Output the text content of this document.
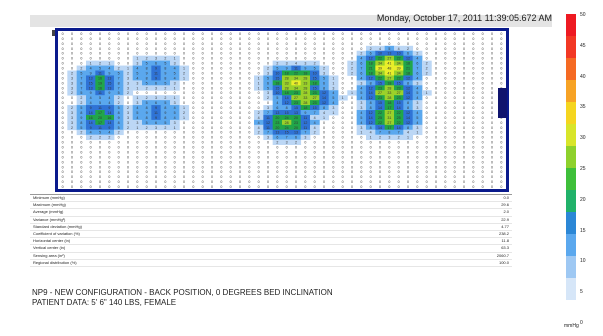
Monday, October 17, 2011 11:39:05.672 AM
0 0 0 0 0 0 0 0 0 0 0 0 0 0 0 0 0 0 0 0 0 0 0 0 0 0 0 0 0 0 0 0 0 0 0 0 0 0 0 0 0 0 0 0 0 0 0 0
0 0 0 0 0 0 0 0 0 0 0 0 0 0 0 0 0 0 0 0 0 0 0 0 0 0 0 0 0 0 0 0 0 0 0 0 0 0 0 0 0 0 0 0 0 0 0 0
0 0 0 0 0 0 0 0 0 0 0 0 0 0 0 0 0 0 0 0 0 0 0 0 0 0 0 0 0 0 0 0 0 0 0 0 0 0 0 0 0 0 0 0 0 0 0 0
0 0 0 0 0 0 0 0 0 0 0 0 0 0 0 0 0 0 0 0 0 0 0 0 0 0 0 0 0 0 0 0 0 2 4 5 4 2 0 0 0 0 0 0 0 0 0 0
0 0 0 0 0 0 0 0 0 0 0 0 0 0 0 0 0 0 0 0 0 0 0 0 0 0 0 0 0 0 0 0 2 6 10 13 10 6 2 0 0 0 0 0 0 0 0 0
0 0 0 0 0 0 0 0 1 2 3 2 1 0 0 0 0 0 0 0 0 0 0 0 0 0 0 0 0 0 0 0 4 12 22 27 22 12 4 0 0 0 0 0 0 0 0 0
0 0 0 1 2 1 0 0 3 5 6 5 3 0 0 0 0 0 0 0 0 0 0 2 3 4 3 2 0 0 0 2 6 18 34 41 34 18 6 2 0 0 0 0 0 0 0 0
0 0 2 4 5 4 2 1 4 8 9 8 4 1 0 0 0 0 0 0 0 0 2 5 9 11 9 5 2 0 0 2 7 21 39 48 39 21 7 2 0 0 0 0 0 0 0 0
0 2 5 9 11 9 5 2 5 9 11 9 5 2 0 0 0 0 0 0 0 0 3 10 18 22 18 10 3 0 0 2 6 18 34 41 34 18 6 2 0 0 0 0 0 0 0 0
0 3 7 13 16 13 7 3 4 8 9 8 4 1 0 0 0 0 0 0 0 1 5 15 28 34 28 15 5 1 0 0 4 12 22 27 22 12 4 0 0 0 0 0 0 0 0 0
0 3 8 15 19 15 8 3 3 5 6 5 3 0 0 0 0 0 0 0 0 1 6 18 33 40 33 18 6 1 0 0 3 8 15 18 15 8 3 0 0 0 0 0 0 0 0 0
0 3 7 13 16 13 7 3 1 2 3 2 1 0 0 0 0 0 0 0 0 1 5 15 28 34 28 15 8 3 0 0 4 12 23 28 23 12 4 0 0 0 0 0 0 0 0
0 2 5 9 11 9 5 2 0 0 0 0 0 0 0 0 0 0 0 0 0 0 3 10 18 23 28 23 12 4 0 1 5 14 27 33 27 14 5 1 0 0 0 0 0 0 0
0 0 2 4 5 4 2 0 1 2 3 2 1 0 0 0 0 0 0 0 0 0 2 5 14 27 33 27 14 5 1 0 4 12 23 28 23 12 4 0 0 0 0 0 0 0 0
0 0 2 4 5 4 2 0 3 5 6 5 3 0 0 0 0 0 0 0 0 0 0 4 12 23 28 23 12 4 0 0 3 8 15 18 15 8 3 0 0 0 0 0 0 0 0
0 2 5 9 11 9 5 2 4 8 9 8 4 1 0 0 0 0 0 0 0 0 3 6 8 15 18 15 8 3 0 0 3 8 14 17 14 8 3 0 0 0 0 0 0 0 0
0 3 8 14 17 14 8 3 5 9 11 9 5 2 0 0 0 0 0 0 0 2 7 13 15 13 9 7 4 1 0 0 4 12 22 27 22 12 4 0 0 0 0 0 0 0 0
0 3 9 16 20 16 9 3 4 8 9 8 4 1 0 0 0 0 0 0 0 4 11 20 24 20 11 4 1 0 0 0 5 14 25 31 25 14 5 0 0 0 0 0 0 0 0
0 3 8 14 17 14 8 3 3 5 6 5 3 0 0 0 0 0 0 0 0 4 12 23 28 23 12 4 0 0 0 0 4 12 22 27 22 12 4 0 0 0 0 0 0 0 0 0
0 2 5 9 11 9 5 2 1 2 3 2 1 0 0 0 0 0 0 0 0 4 11 20 24 20 11 4 0 0 0 0 3 8 14 17 14 8 3 0 0 0 0 0 0 0 0 0
0 0 2 4 5 4 2 0 0 0 0 0 0 0 0 0 0 0 0 0 0 2 7 13 15 13 7 2 0 0 0 0 1 4 7 8 7 4 1 0 0 0 0 0 0 0 0 0
0 0 0 2 2 2 0 0 0 0 0 0 0 0 0 0 0 0 0 0 0 0 3 6 7 6 3 0 0 0 0 0 0 1 2 3 2 1 0 0 0 0 0 0 0 0 0 0
0 0 0 0 0 0 0 0 0 0 0 0 0 0 0 0 0 0 0 0 0 0 0 2 3 2 0 0 0 0 0 0 0 0 0 0 0 0 0 0 0 0 0 0 0 0 0 0
0 0 0 0 0 0 0 0 0 0 0 0 0 0 0 0 0 0 0 0 0 0 0 0 0 0 0 0 0 0 0 0 0 0 0 0 0 0 0 0 0 0 0 0 0 0 0 0
0 0 0 0 0 0 0 0 0 0 0 0 0 0 0 0 0 0 0 0 0 0 0 0 0 0 0 0 0 0 0 0 0 0 0 0 0 0 0 0 0 0 0 0 0 0 0 0
0 0 0 0 0 0 0 0 0 0 0 0 0 0 0 0 0 0 0 0 0 0 0 0 0 0 0 0 0 0 0 0 0 0 0 0 0 0 0 0 0 0 0 0 0 0 0 0
0 0 0 0 0 0 0 0 0 0 0 0 0 0 0 0 0 0 0 0 0 0 0 0 0 0 0 0 0 0 0 0 0 0 0 0 0 0 0 0 0 0 0 0 0 0 0 0
0 0 0 0 0 0 0 0 0 0 0 0 0 0 0 0 0 0 0 0 0 0 0 0 0 0 0 0 0 0 0 0 0 0 0 0 0 0 0 0 0 0 0 0 0 0 0 0
0 0 0 0 0 0 0 0 0 0 0 0 0 0 0 0 0 0 0 0 0 0 0 0 0 0 0 0 0 0 0 0 0 0 0 0 0 0 0 0 0 0 0 0 0 0 0 0
0 0 0 0 0 0 0 0 0 0 0 0 0 0 0 0 0 0 0 0 0 0 0 0 0 0 0 0 0 0 0 0 0 0 0 0 0 0 0 0 0 0 0 0 0 0 0 0
0 0 0 0 0 0 0 0 0 0 0 0 0 0 0 0 0 0 0 0 0 0 0 0 0 0 0 0 0 0 0 0 0 0 0 0 0 0 0 0 0 0 0 0 0 0 0 0
0 0 0 0 0 0 0 0 0 0 0 0 0 0 0 0 0 0 0 0 0 0 0 0 0 0 0 0 0 0 0 0 0 0 0 0 0 0 0 0 0 0 0 0 0 0 0 0
Minimum (mmHg)	0.0
Maximum (mmHg)	29.6
Average (mmHg)	2.0
Variance (mmHg²)	22.9
Standard deviation (mmHg)	4.77
Coefficient of variation (%)	238.2
Horizontal center (in)	11.8
Vertical center (in)	63.3
Sensing area (in²)	2060.7
Regional distribution (%)	100.0
NP9 - NEW CONFIGURATION - BACK POSITION, 0 DEGREES BED INCLINATION
PATIENT DATA: 5' 6" 140 LBS, FEMALE
50
45
40
35
30
25
20
15
10
5
0
mmHg
